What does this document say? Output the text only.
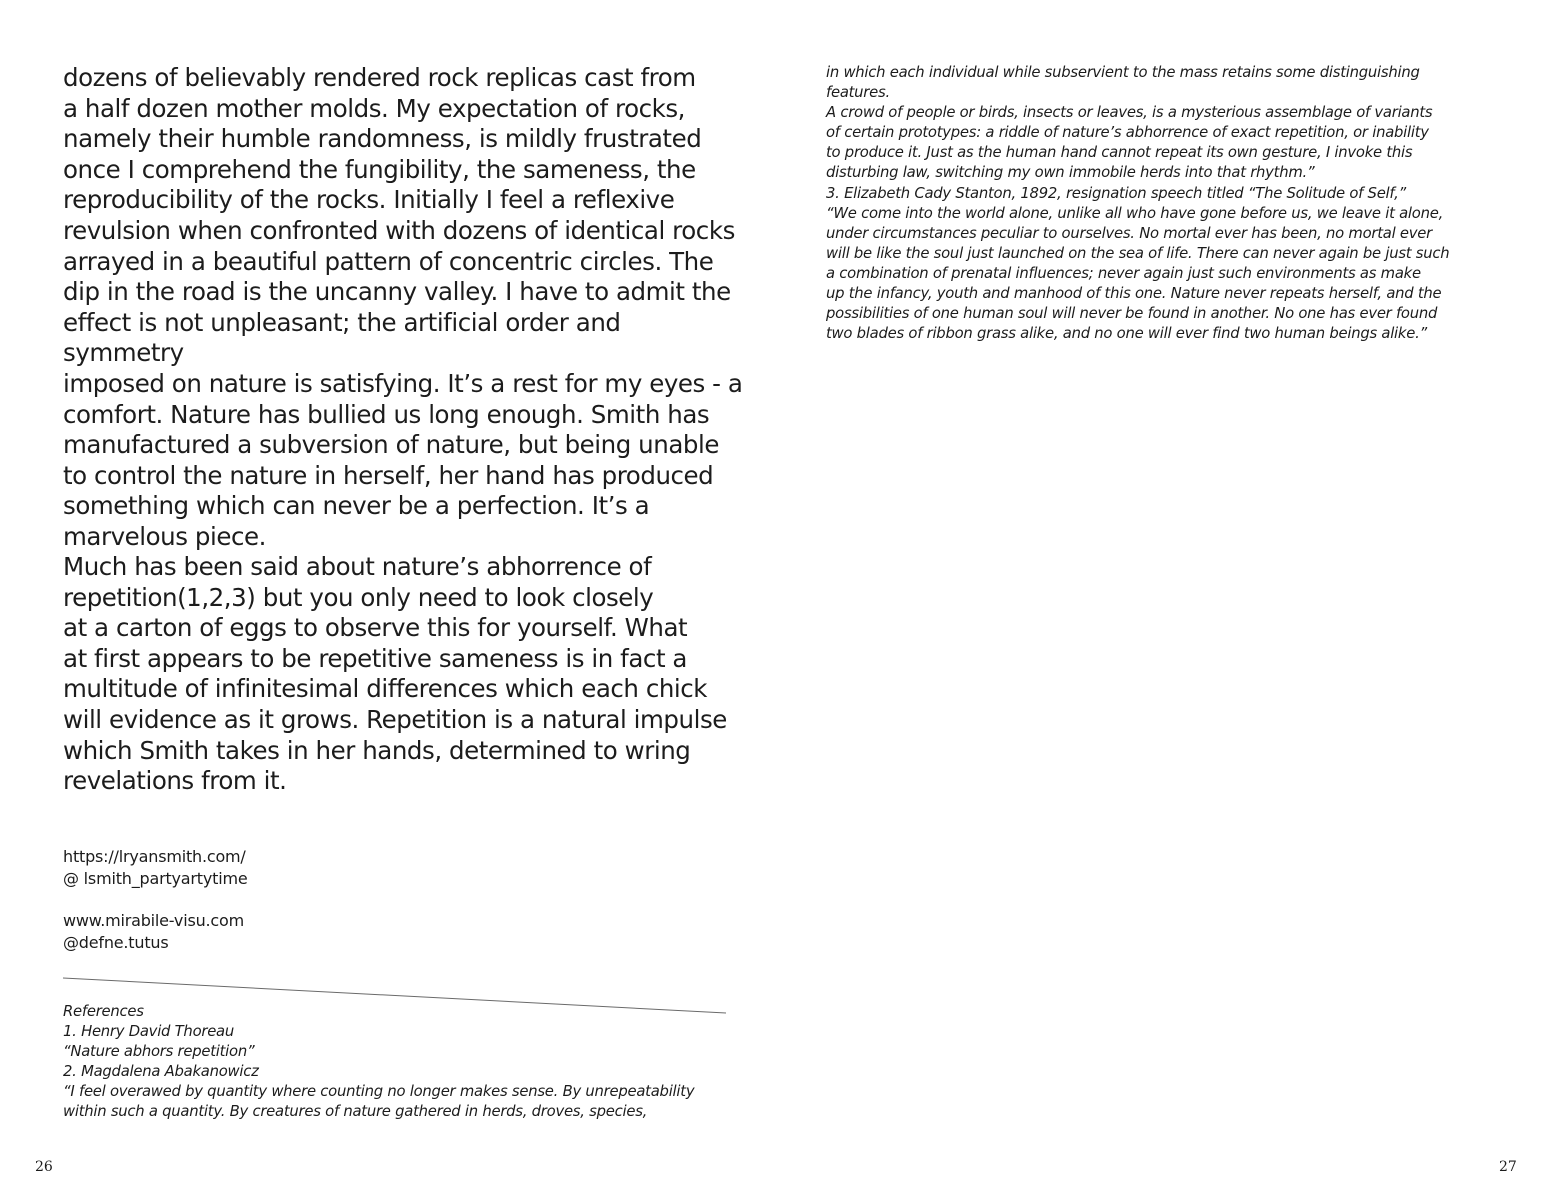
dozens of believably rendered rock replicas cast from
a half dozen mother molds. My expectation of rocks,
namely their humble randomness, is mildly frustrated
once I comprehend the fungibility, the sameness, the
reproducibility of the rocks. Initially I feel a reflexive
revulsion when confronted with dozens of identical rocks
arrayed in a beautiful pattern of concentric circles. The
dip in the road is the uncanny valley. I have to admit the
effect is not unpleasant; the artificial order and symmetry
imposed on nature is satisfying. It’s a rest for my eyes - a
comfort. Nature has bullied us long enough. Smith has
manufactured a subversion of nature, but being unable
to control the nature in herself, her hand has produced
something which can never be a perfection. It’s a
marvelous piece.

Much has been said about nature’s abhorrence of
repetition(1,2,3) but you only need to look closely
at a carton of eggs to observe this for yourself. What
at first appears to be repetitive sameness is in fact a
multitude of infinitesimal differences which each chick
will evidence as it grows. Repetition is a natural impulse
which Smith takes in her hands, determined to wring
revelations from it.

https://lryansmith.com/
@ lsmith_partyartytime
www.mirabile-visu.com
@defne.tutus
References
1. Henry David Thoreau
“Nature abhors repetition”
2. Magdalena Abakanowicz
“I feel overawed by quantity where counting no longer makes sense. By unrepeatability
within such a quantity. By creatures of nature gathered in herds, droves, species,
26
in which each individual while subservient to the mass retains some distinguishing
features.
A crowd of people or birds, insects or leaves, is a mysterious assemblage of variants
of certain prototypes: a riddle of nature’s abhorrence of exact repetition, or inability
to produce it. Just as the human hand cannot repeat its own gesture, I invoke this
disturbing law, switching my own immobile herds into that rhythm.”
3. Elizabeth Cady Stanton, 1892, resignation speech titled “The Solitude of Self,”
“We come into the world alone, unlike all who have gone before us, we leave it alone,
under circumstances peculiar to ourselves. No mortal ever has been, no mortal ever
will be like the soul just launched on the sea of life. There can never again be just such
a combination of prenatal influences; never again just such environments as make
up the infancy, youth and manhood of this one. Nature never repeats herself, and the
possibilities of one human soul will never be found in another. No one has ever found
two blades of ribbon grass alike, and no one will ever find two human beings alike.”
27
